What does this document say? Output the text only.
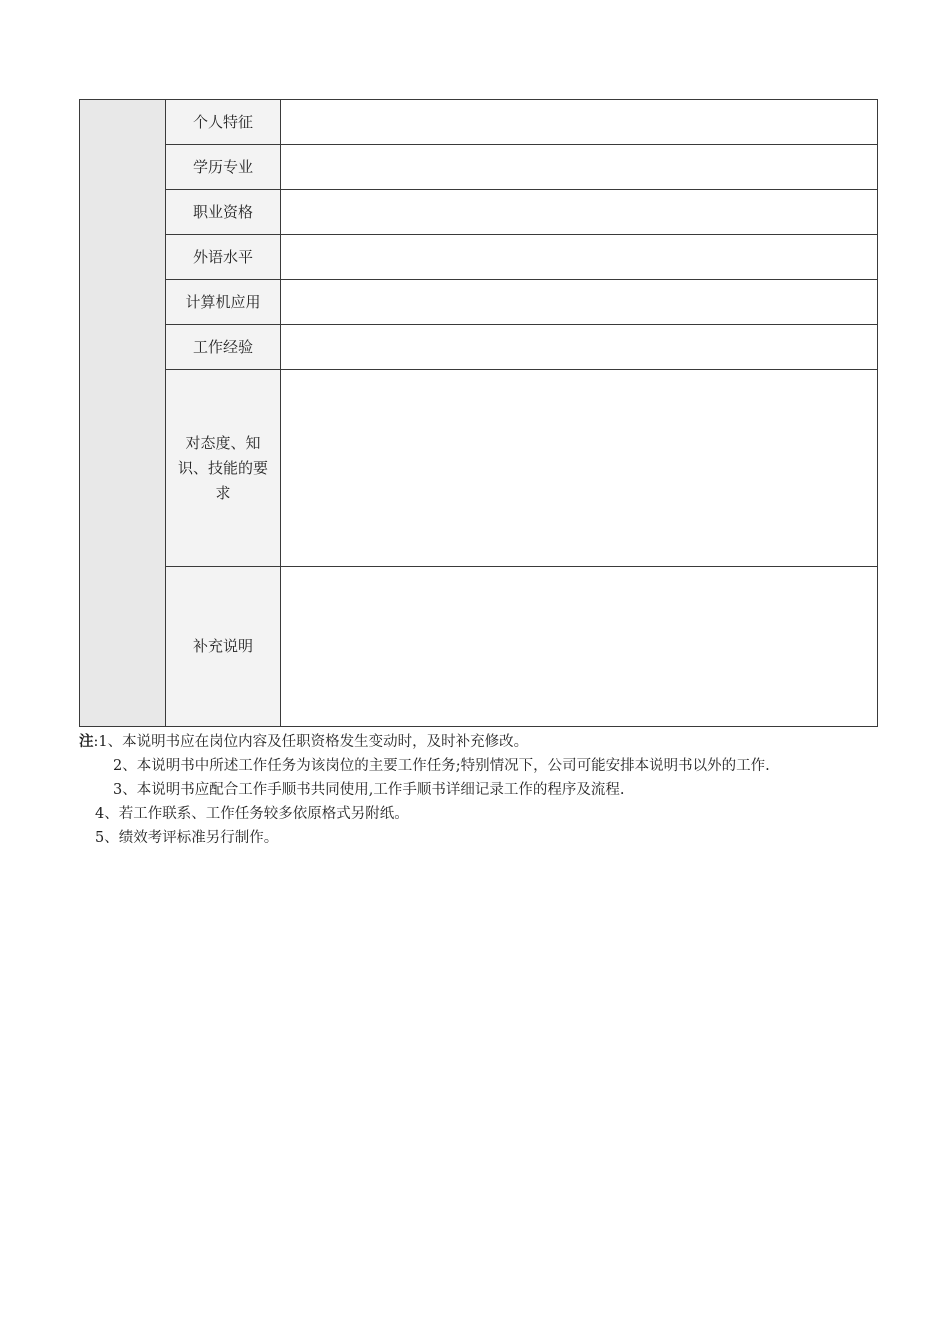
	个人特征	
	学历专业	
	职业资格	
	外语水平	
	计算机应用	
	工作经验	
	对态度、知识、技能的要求	
	补充说明	
注:1、本说明书应在岗位内容及任职资格发生变动时，及时补充修改。
2、本说明书中所述工作任务为该岗位的主要工作任务;特别情况下，公司可能安排本说明书以外的工作.
3、本说明书应配合工作手顺书共同使用,工作手顺书详细记录工作的程序及流程.
4、若工作联系、工作任务较多依原格式另附纸。
5、绩效考评标准另行制作。
